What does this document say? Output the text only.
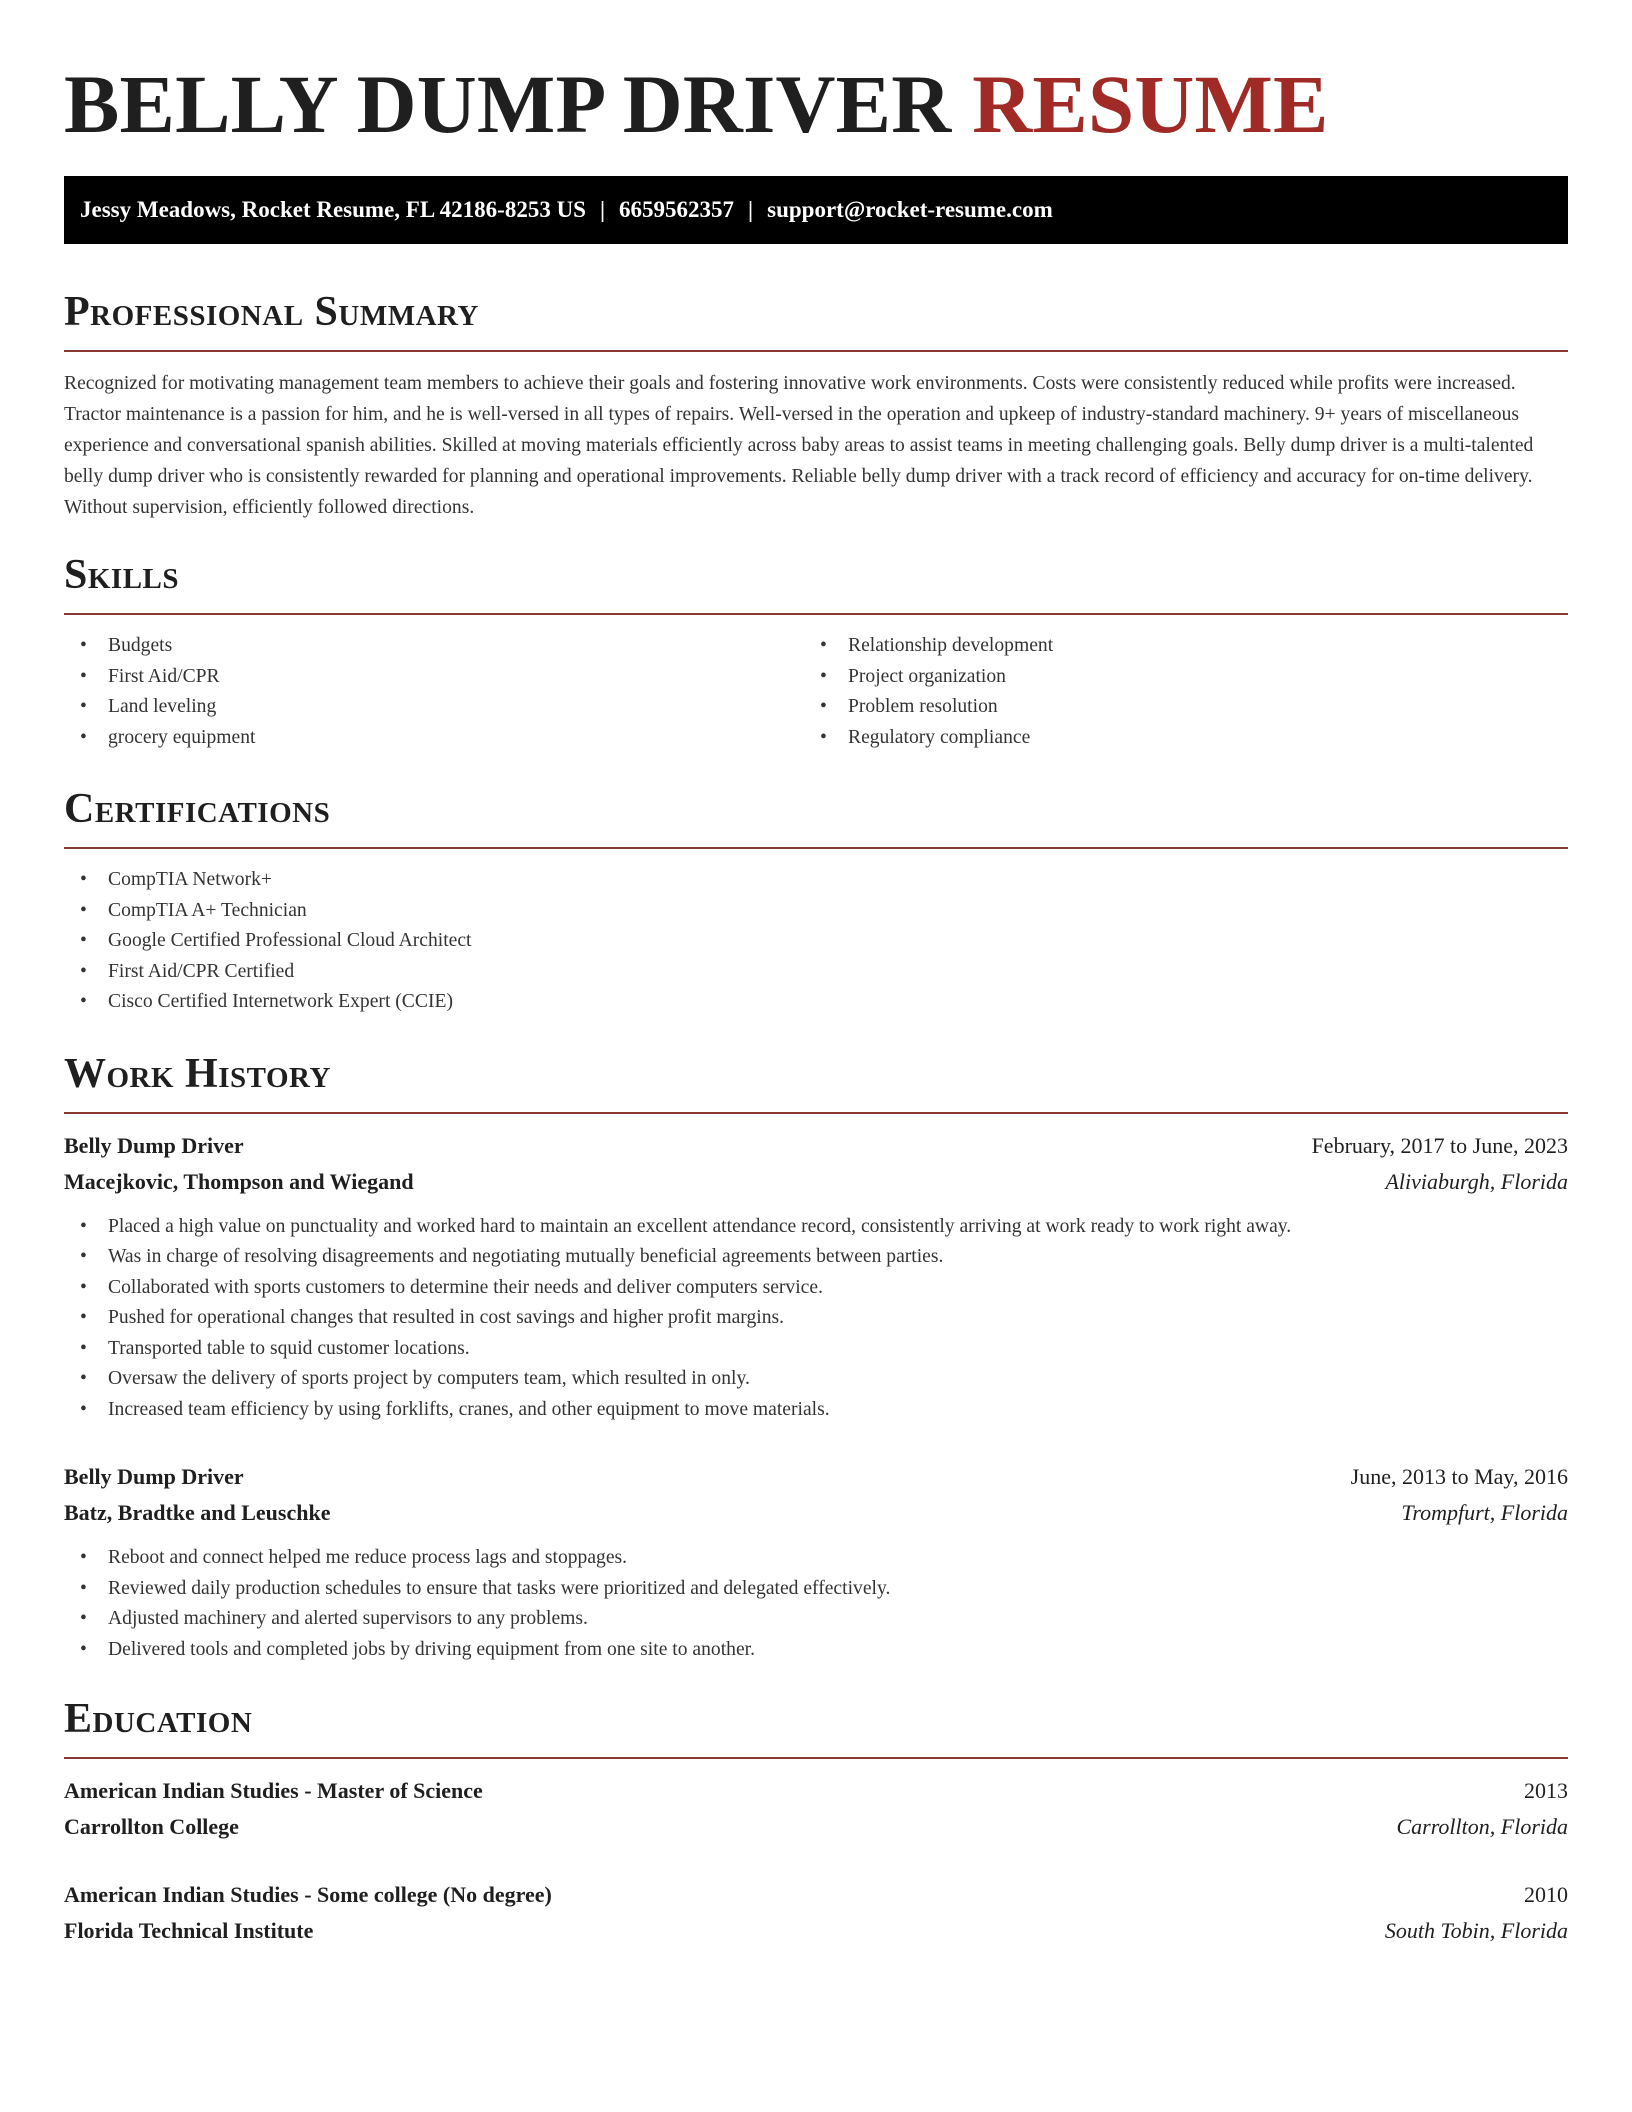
BELLY DUMP DRIVER RESUME
Jessy Meadows, Rocket Resume, FL 42186-8253 US | 6659562357 | support@rocket-resume.com
Professional Summary

Recognized for motivating management team members to achieve their goals and fostering innovative work environments. Costs were consistently reduced while profits were increased. Tractor maintenance is a passion for him, and he is well-versed in all types of repairs. Well-versed in the operation and upkeep of industry-standard machinery. 9+ years of miscellaneous experience and conversational spanish abilities. Skilled at moving materials efficiently across baby areas to assist teams in meeting challenging goals. Belly dump driver is a multi-talented belly dump driver who is consistently rewarded for planning and operational improvements. Reliable belly dump driver with a track record of efficiency and accuracy for on-time delivery. Without supervision, efficiently followed directions.

Skills
• Budgets
• First Aid/CPR
• Land leveling
• grocery equipment
• Relationship development
• Project organization
• Problem resolution
• Regulatory compliance
Certifications
• CompTIA Network+
• CompTIA A+ Technician
• Google Certified Professional Cloud Architect
• First Aid/CPR Certified
• Cisco Certified Internetwork Expert (CCIE)
Work History
Belly Dump Driver	February, 2017 to June, 2023
Macejkovic, Thompson and Wiegand	Aliviaburgh, Florida
• Placed a high value on punctuality and worked hard to maintain an excellent attendance record, consistently arriving at work ready to work right away.
• Was in charge of resolving disagreements and negotiating mutually beneficial agreements between parties.
• Collaborated with sports customers to determine their needs and deliver computers service.
• Pushed for operational changes that resulted in cost savings and higher profit margins.
• Transported table to squid customer locations.
• Oversaw the delivery of sports project by computers team, which resulted in only.
• Increased team efficiency by using forklifts, cranes, and other equipment to move materials.
Belly Dump Driver	June, 2013 to May, 2016
Batz, Bradtke and Leuschke	Trompfurt, Florida
• Reboot and connect helped me reduce process lags and stoppages.
• Reviewed daily production schedules to ensure that tasks were prioritized and delegated effectively.
• Adjusted machinery and alerted supervisors to any problems.
• Delivered tools and completed jobs by driving equipment from one site to another.
Education
American Indian Studies - Master of Science	2013
Carrollton College	Carrollton, Florida
American Indian Studies - Some college (No degree)	2010
Florida Technical Institute	South Tobin, Florida
